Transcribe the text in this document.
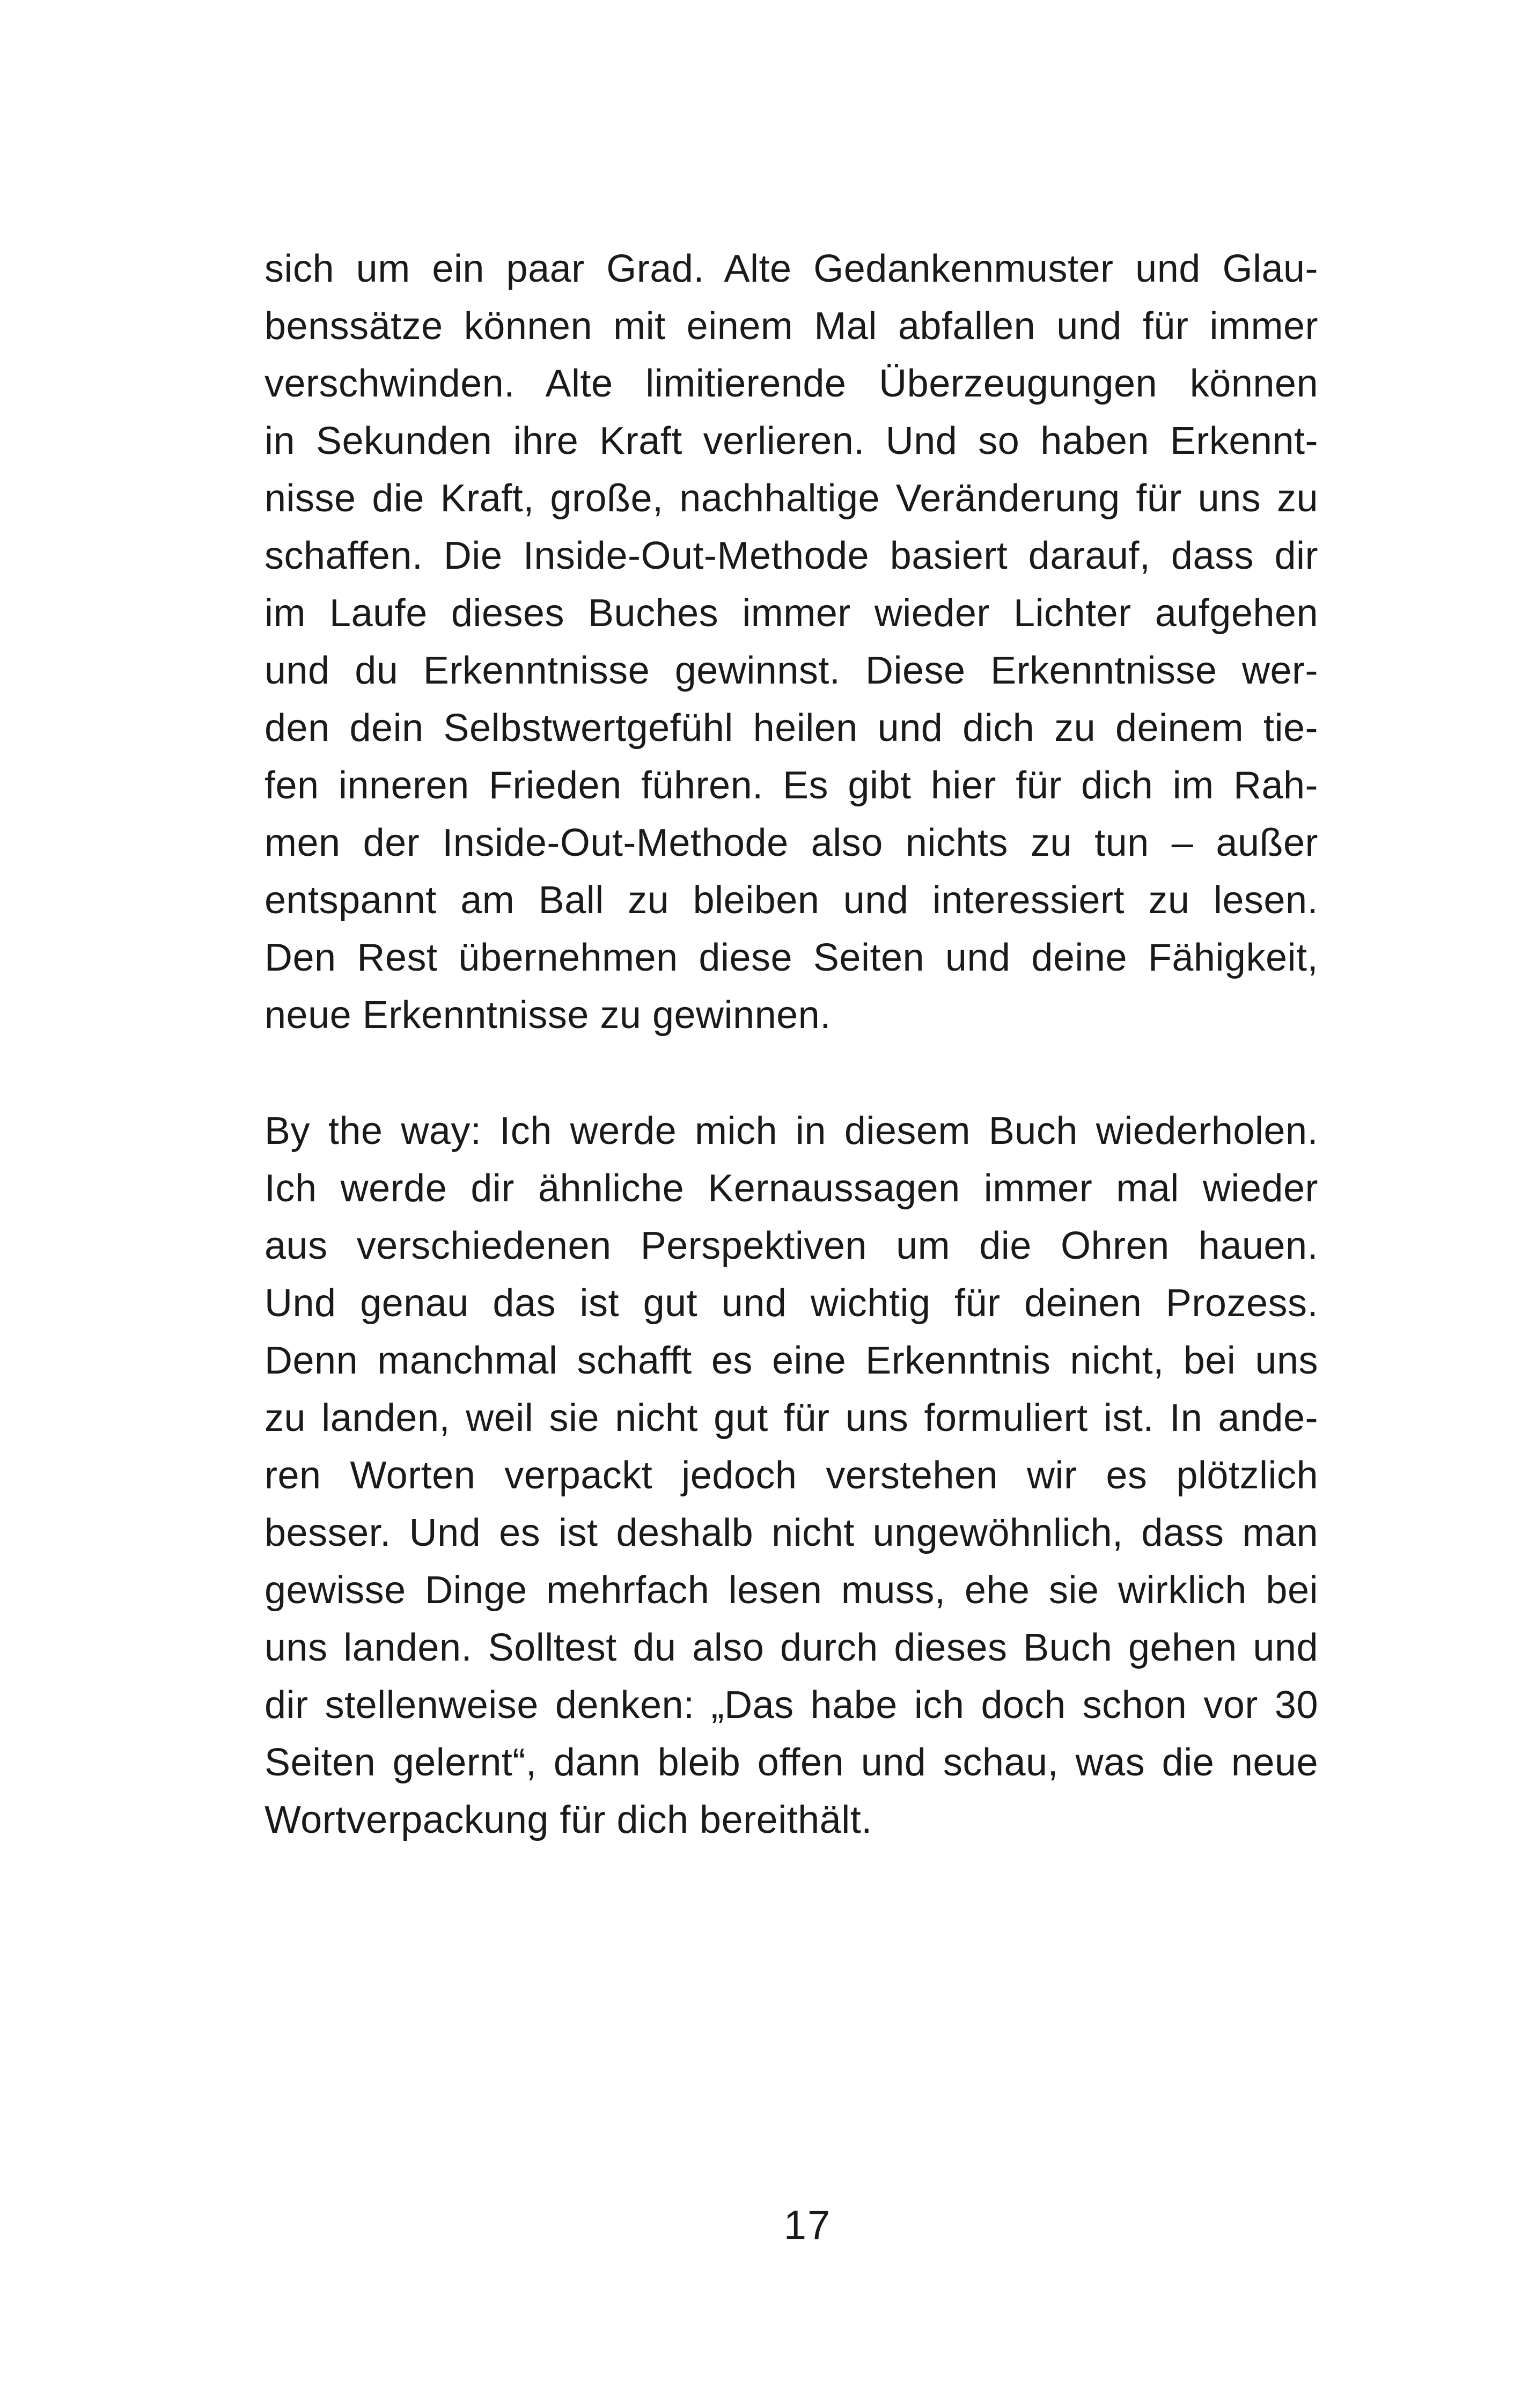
sich um ein paar Grad. Alte Gedankenmuster und Glau-
benssätze können mit einem Mal abfallen und für immer
verschwinden. Alte limitierende Überzeugungen können
in Sekunden ihre Kraft verlieren. Und so haben Erkennt-
nisse die Kraft, große, nachhaltige Veränderung für uns zu
schaffen. Die Inside-Out-Methode basiert darauf, dass dir
im Laufe dieses Buches immer wieder Lichter aufgehen
und du Erkenntnisse gewinnst. Diese Erkenntnisse wer-
den dein Selbstwertgefühl heilen und dich zu deinem tie-
fen inneren Frieden führen. Es gibt hier für dich im Rah-
men der Inside-Out-Methode also nichts zu tun – außer
entspannt am Ball zu bleiben und interessiert zu lesen.
Den Rest übernehmen diese Seiten und deine Fähigkeit,
neue Erkenntnisse zu gewinnen.
By the way: Ich werde mich in diesem Buch wiederholen.
Ich werde dir ähnliche Kernaussagen immer mal wieder
aus verschiedenen Perspektiven um die Ohren hauen.
Und genau das ist gut und wichtig für deinen Prozess.
Denn manchmal schafft es eine Erkenntnis nicht, bei uns
zu landen, weil sie nicht gut für uns formuliert ist. In ande-
ren Worten verpackt jedoch verstehen wir es plötzlich
besser. Und es ist deshalb nicht ungewöhnlich, dass man
gewisse Dinge mehrfach lesen muss, ehe sie wirklich bei
uns landen. Solltest du also durch dieses Buch gehen und
dir stellenweise denken: „Das habe ich doch schon vor 30
Seiten gelernt“, dann bleib offen und schau, was die neue
Wortverpackung für dich bereithält.
17
